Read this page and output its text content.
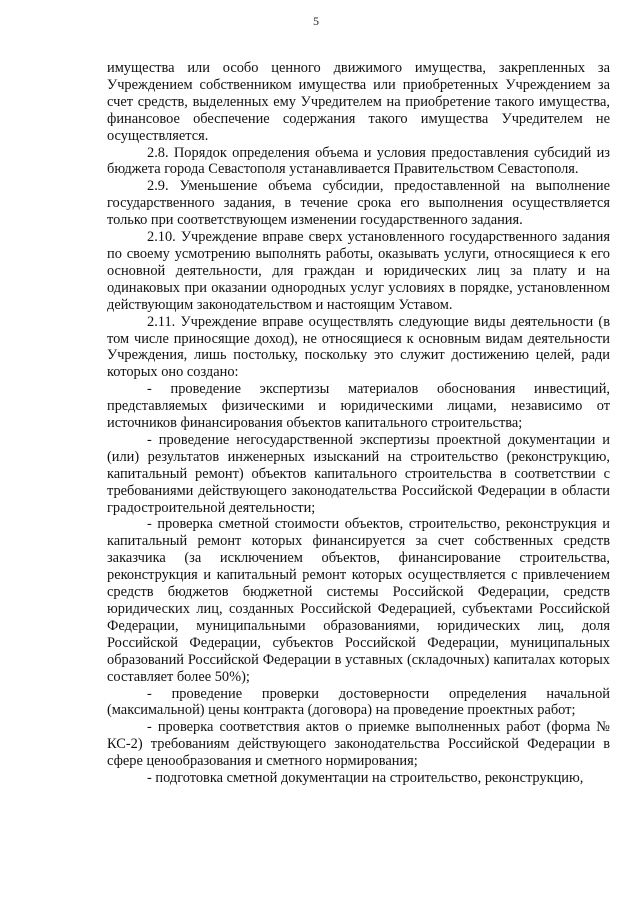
5

имущества или особо ценного движимого имущества, закрепленных за Учреждением собственником имущества или приобретенных Учреждением за счет средств, выделенных ему Учредителем на приобретение такого имущества, финансовое обеспечение содержания такого имущества Учредителем не осуществляется.

2.8. Порядок определения объема и условия предоставления субсидий из бюджета города Севастополя устанавливается Правительством Севастополя.

2.9. Уменьшение объема субсидии, предоставленной на выполнение государственного задания, в течение срока его выполнения осуществляется только при соответствующем изменении государственного задания.

2.10. Учреждение вправе сверх установленного государственного задания по своему усмотрению выполнять работы, оказывать услуги, относящиеся к его основной деятельности, для граждан и юридических лиц за плату и на одинаковых при оказании однородных услуг условиях в порядке, установленном действующим законодательством и настоящим Уставом.

2.11. Учреждение вправе осуществлять следующие виды деятельности (в том числе приносящие доход), не относящиеся к основным видам деятельности Учреждения, лишь постольку, поскольку это служит достижению целей, ради которых оно создано:

- проведение экспертизы материалов обоснования инвестиций, представляемых физическими и юридическими лицами, независимо от источников финансирования объектов капитального строительства;

- проведение негосударственной экспертизы проектной документации и (или) результатов инженерных изысканий на строительство (реконструкцию, капитальный ремонт) объектов капитального строительства в соответствии с требованиями действующего законодательства Российской Федерации в области градостроительной деятельности;

- проверка сметной стоимости объектов, строительство, реконструкция и капитальный ремонт которых финансируется за счет собственных средств заказчика (за исключением объектов, финансирование строительства, реконструкция и капитальный ремонт которых осуществляется с привлечением средств бюджетов бюджетной системы Российской Федерации, средств юридических лиц, созданных Российской Федерацией, субъектами Российской Федерации, муниципальными образованиями, юридических лиц, доля Российской Федерации, субъектов Российской Федерации, муниципальных образований Российской Федерации в уставных (складочных) капиталах которых составляет более 50%);

- проведение проверки достоверности определения начальной (максимальной) цены контракта (договора) на проведение проектных работ;

- проверка соответствия актов о приемке выполненных работ (форма № КС-2) требованиям действующего законодательства Российской Федерации в сфере ценообразования и сметного нормирования;

- подготовка сметной документации на строительство, реконструкцию,
